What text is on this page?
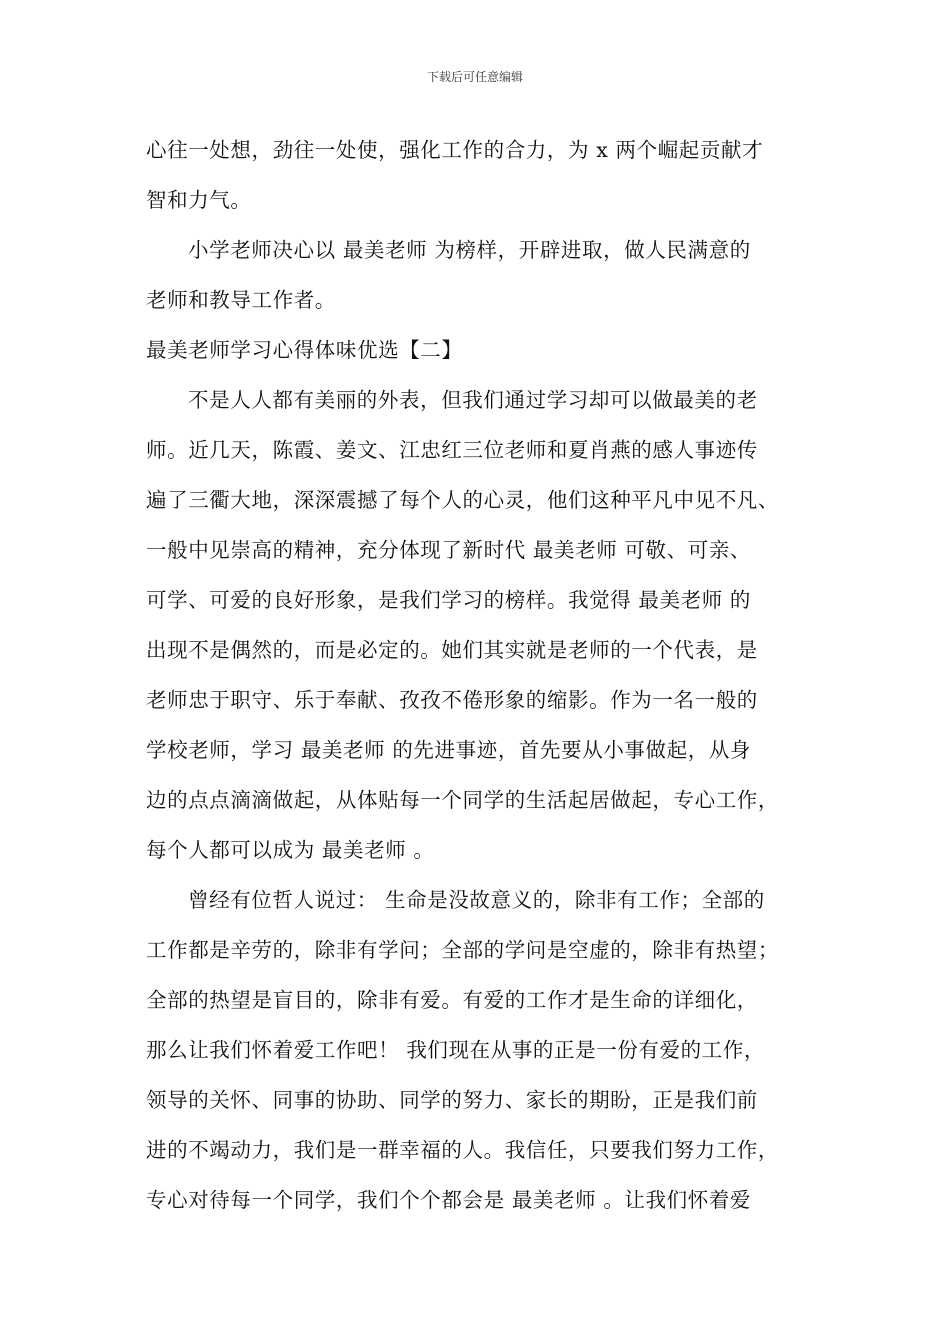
下载后可任意编辑
心往一处想，劲往一处使，强化工作的合力，为 x 两个崛起贡献才
智和力气。
小学老师决心以 最美老师 为榜样，开辟进取，做人民满意的
老师和教导工作者。
最美老师学习心得体味优选【二】
不是人人都有美丽的外表，但我们通过学习却可以做最美的老
师。近几天，陈霞、姜文、江忠红三位老师和夏肖燕的感人事迹传
遍了三衢大地，深深震撼了每个人的心灵，他们这种平凡中见不凡、
一般中见崇高的精神，充分体现了新时代 最美老师 可敬、可亲、
可学、可爱的良好形象，是我们学习的榜样。我觉得 最美老师 的
出现不是偶然的，而是必定的。她们其实就是老师的一个代表，是
老师忠于职守、乐于奉献、孜孜不倦形象的缩影。作为一名一般的
学校老师，学习 最美老师 的先进事迹，首先要从小事做起，从身
边的点点滴滴做起，从体贴每一个同学的生活起居做起，专心工作，
每个人都可以成为 最美老师 。
曾经有位哲人说过： 生命是没故意义的，除非有工作；全部的
工作都是辛劳的，除非有学问；全部的学问是空虚的，除非有热望；
全部的热望是盲目的，除非有爱。有爱的工作才是生命的详细化，
那么让我们怀着爱工作吧！ 我们现在从事的正是一份有爱的工作，
领导的关怀、同事的协助、同学的努力、家长的期盼，正是我们前
进的不竭动力，我们是一群幸福的人。我信任，只要我们努力工作，
专心对待每一个同学，我们个个都会是 最美老师 。让我们怀着爱
